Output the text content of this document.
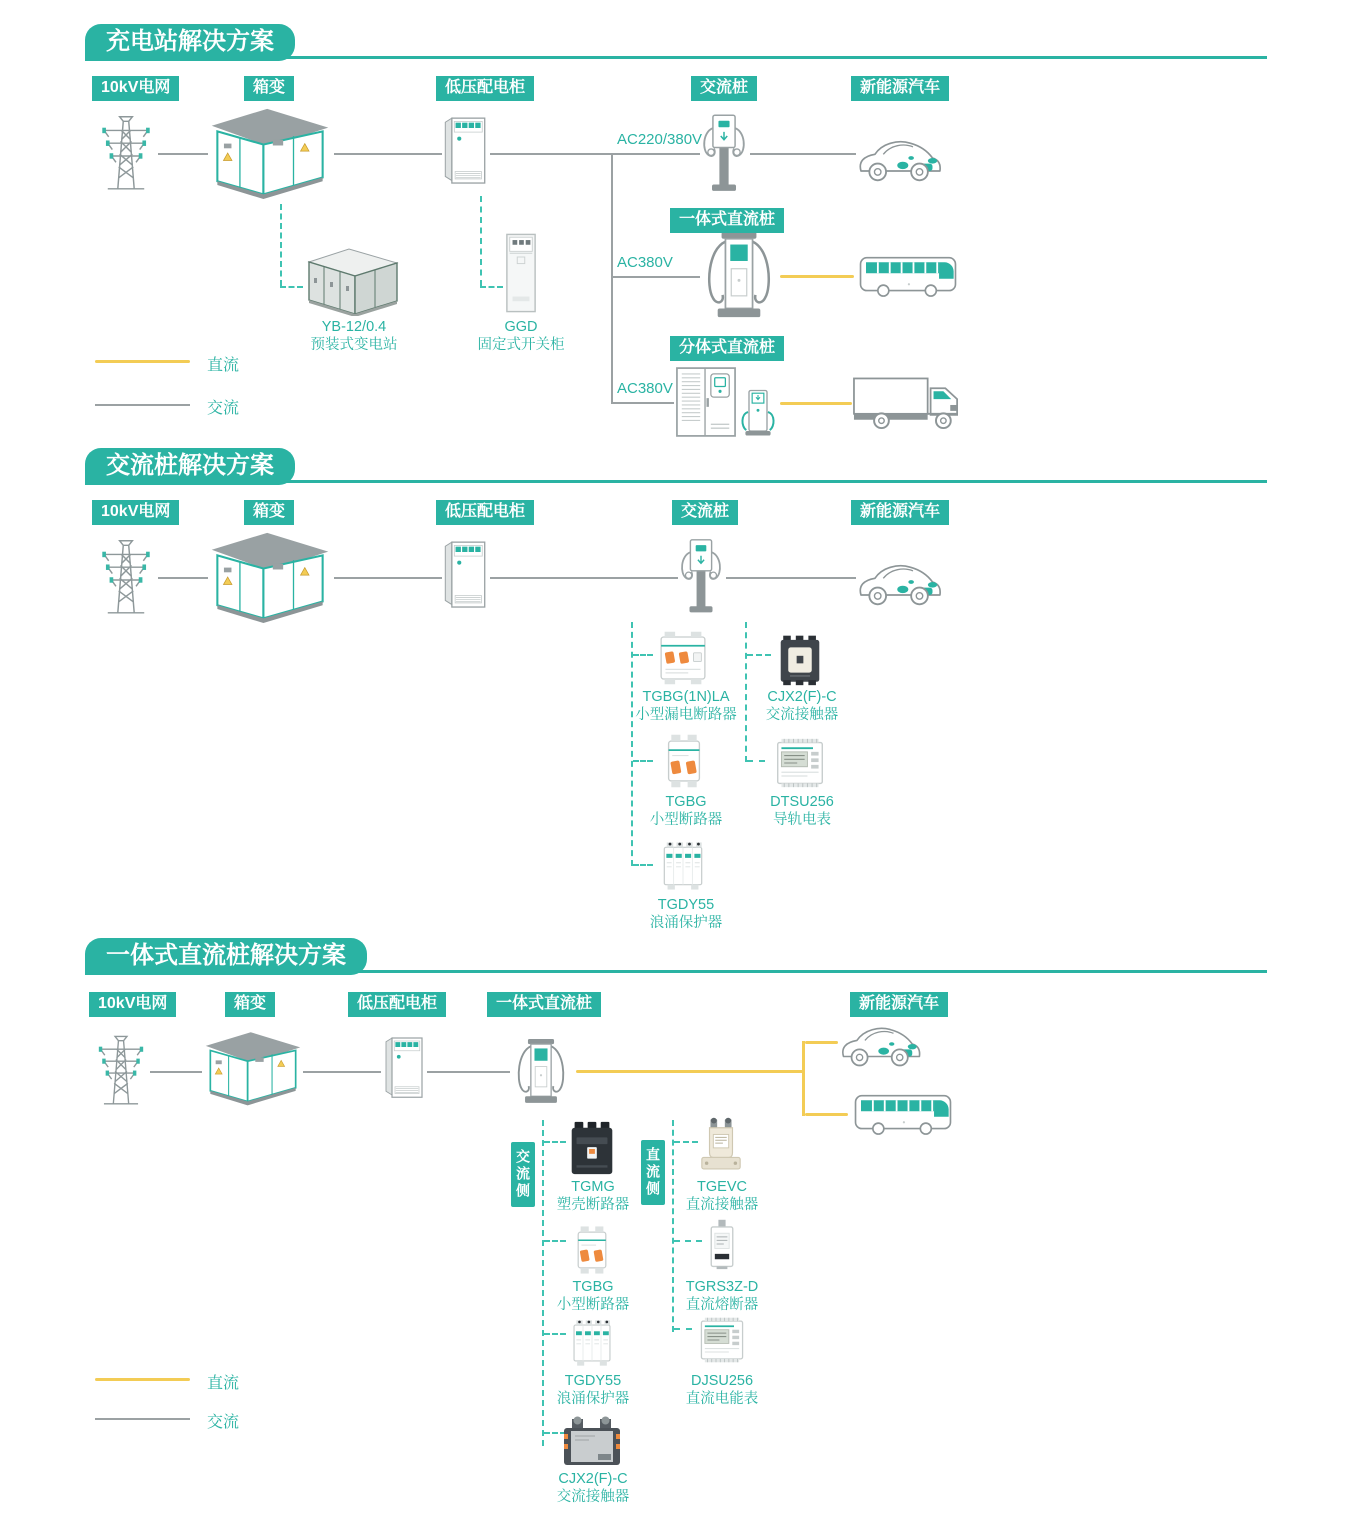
充电站解决方案
10kV电网	箱变	低压配电柜	交流桩	新能源汽车
AC220/380V
一体式直流桩
AC380V
分体式直流桩
AC380V
YB-12/0.4
预装式变电站
GGD
固定式开关柜
直流
交流
交流桩解决方案
10kV电网	箱变	低压配电柜	交流桩	新能源汽车
TGBG(1N)LA
小型漏电断路器
TGBG
小型断路器
TGDY55
浪涌保护器
CJX2(F)-C
交流接触器
DTSU256
导轨电表
一体式直流桩解决方案
10kV电网	箱变	低压配电柜	一体式直流桩	新能源汽车
交流侧	直流侧
TGMG
塑壳断路器
TGBG
小型断路器
TGDY55
浪涌保护器
CJX2(F)-C
交流接触器
TGEVC
直流接触器
TGRS3Z-D
直流熔断器
DJSU256
直流电能表
直流
交流
